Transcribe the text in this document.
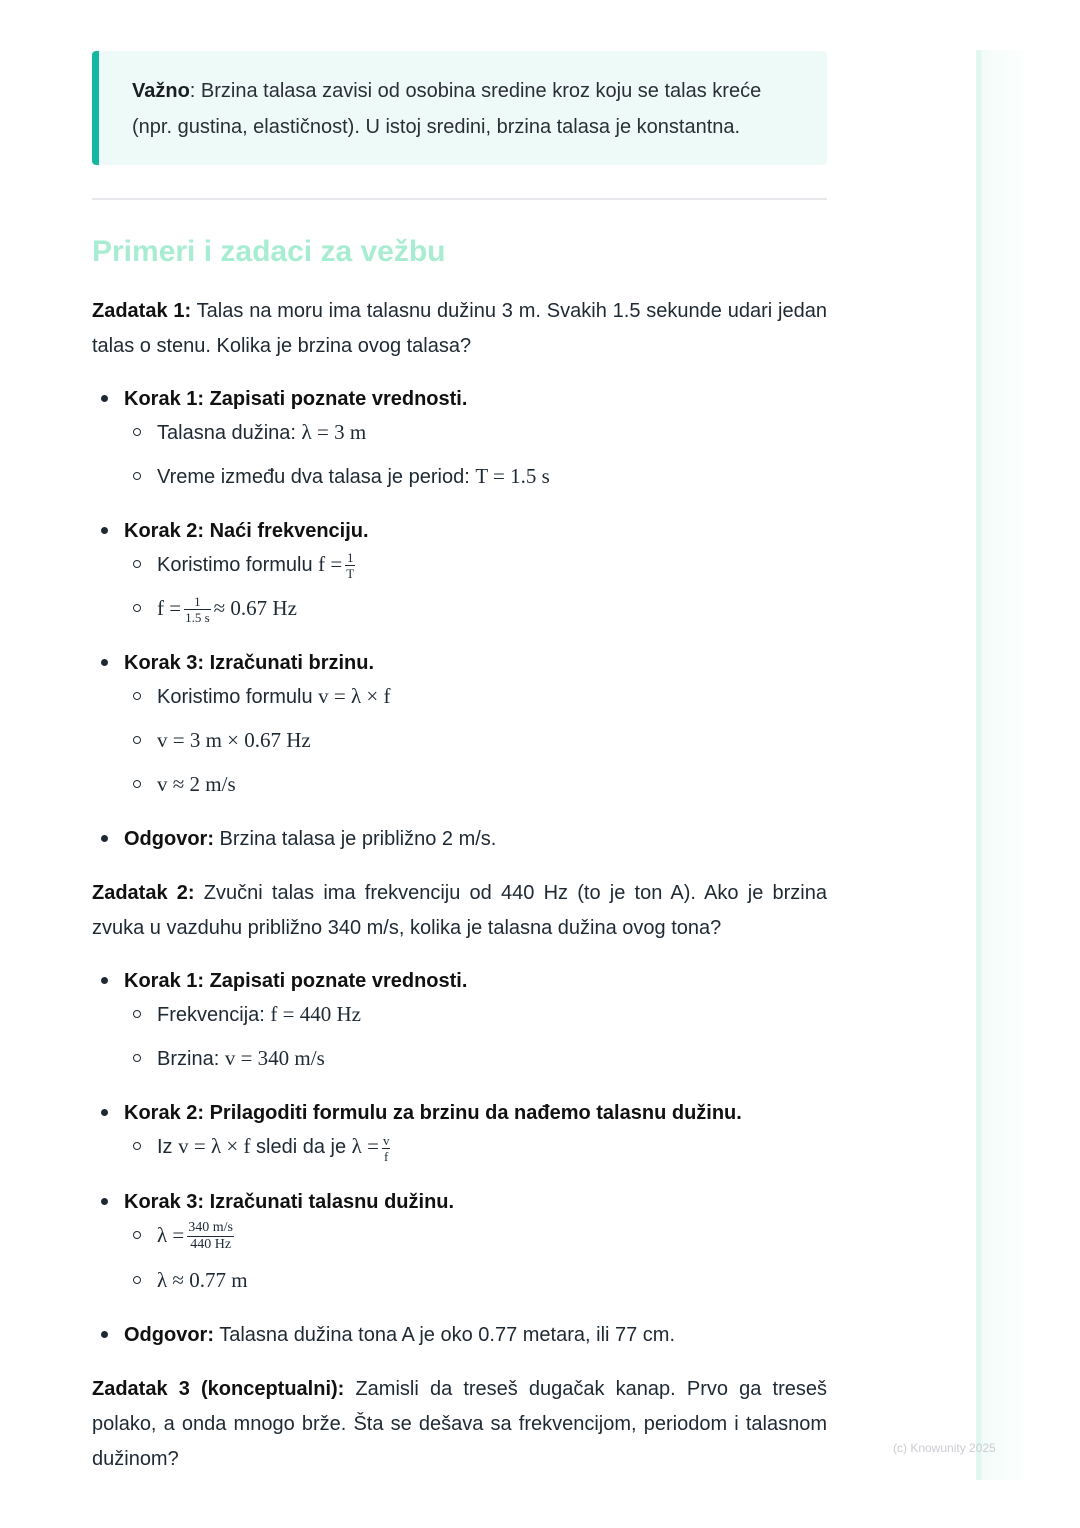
(c) Knowunity 2025
Važno: Brzina talasa zavisi od osobina sredine kroz koju se talas kreće (npr. gustina, elastičnost). U istoj sredini, brzina talasa je konstantna.
Primeri i zadaci za vežbu

Zadatak 1: Talas na moru ima talasnu dužinu 3 m. Svakih 1.5 sekunde udari jedan talas o stenu. Kolika je brzina ovog talasa?

Korak 1: Zapisati poznate vrednosti.
Talasna dužina: λ = 3 m
Vreme između dva talasa je period: T = 1.5 s
Korak 2: Naći frekvenciju.
Koristimo formulu $f = \frac{1}{T}$
$f = \frac{1}{1.5 s} \approx 0.67$ Hz
Korak 3: Izračunati brzinu.
Koristimo formulu v = λ × f
v = 3 m × 0.67 Hz
v ≈ 2 m/s
Odgovor: Brzina talasa je približno 2 m/s.

Zadatak 2: Zvučni talas ima frekvenciju od 440 Hz (to je ton A). Ako je brzina zvuka u vazduhu približno 340 m/s, kolika je talasna dužina ovog tona?

Korak 1: Zapisati poznate vrednosti.
Frekvencija: f = 440 Hz
Brzina: v = 340 m/s
Korak 2: Prilagoditi formulu za brzinu da nađemo talasnu dužinu.
Iz v = λ × f sledi da je $\lambda = \frac{v}{f}$
Korak 3: Izračunati talasnu dužinu.
$\lambda = \frac{340 m/s}{440 Hz}$
λ ≈ 0.77 m
Odgovor: Talasna dužina tona A je oko 0.77 metara, ili 77 cm.

Zadatak 3 (konceptualni): Zamisli da treseš dugačak kanap. Prvo ga treseš polako, a onda mnogo brže. Šta se dešava sa frekvencijom, periodom i talasnom dužinom?
